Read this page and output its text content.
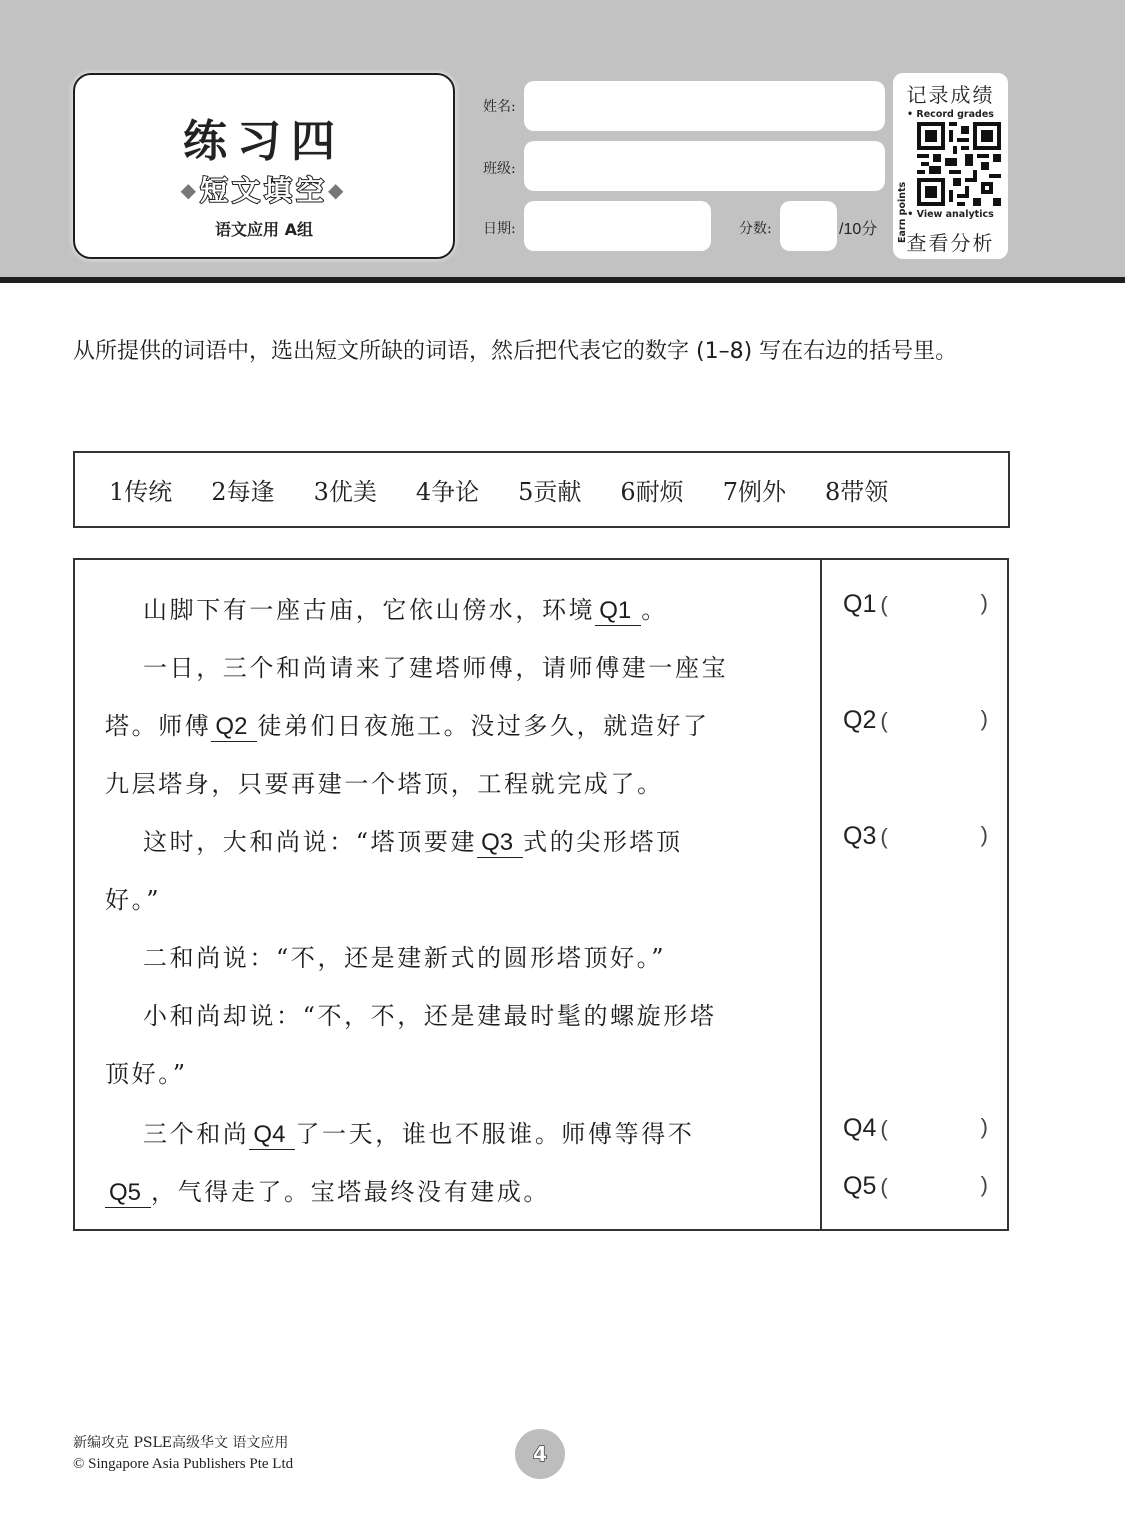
练习四
◆短文填空◆
语文应用 A组
姓名:
班级:
日期:	分数:	/10分
记录成绩
• Record grades
Earn points • View analytics
查看分析

从所提供的词语中，选出短文所缺的词语，然后把代表它的数字 (1–8) 写在右边的括号里。

1传统 2每逢 3优美 4争论 5贡献 6耐烦 7例外 8带领
山脚下有一座古庙，它依山傍水，环境 Q1 。
一日，三个和尚请来了建塔师傅，请师傅建一座宝
塔。师傅 Q2 徒弟们日夜施工。没过多久，就造好了
九层塔身，只要再建一个塔顶，工程就完成了。
这时，大和尚说：“塔顶要建 Q3 式的尖形塔顶
好。”
二和尚说：“不，还是建新式的圆形塔顶好。”
小和尚却说：“不，不，还是建最时髦的螺旋形塔
顶好。”
三个和尚 Q4 了一天，谁也不服谁。师傅等得不
Q5 ，气得走了。宝塔最终没有建成。
Q1 (	)
Q2 (	)
Q3 (	)
Q4 (	)
Q5 (	)
新编攻克 PSLE高级华文 语文应用
© Singapore Asia Publishers Pte Ltd	4
